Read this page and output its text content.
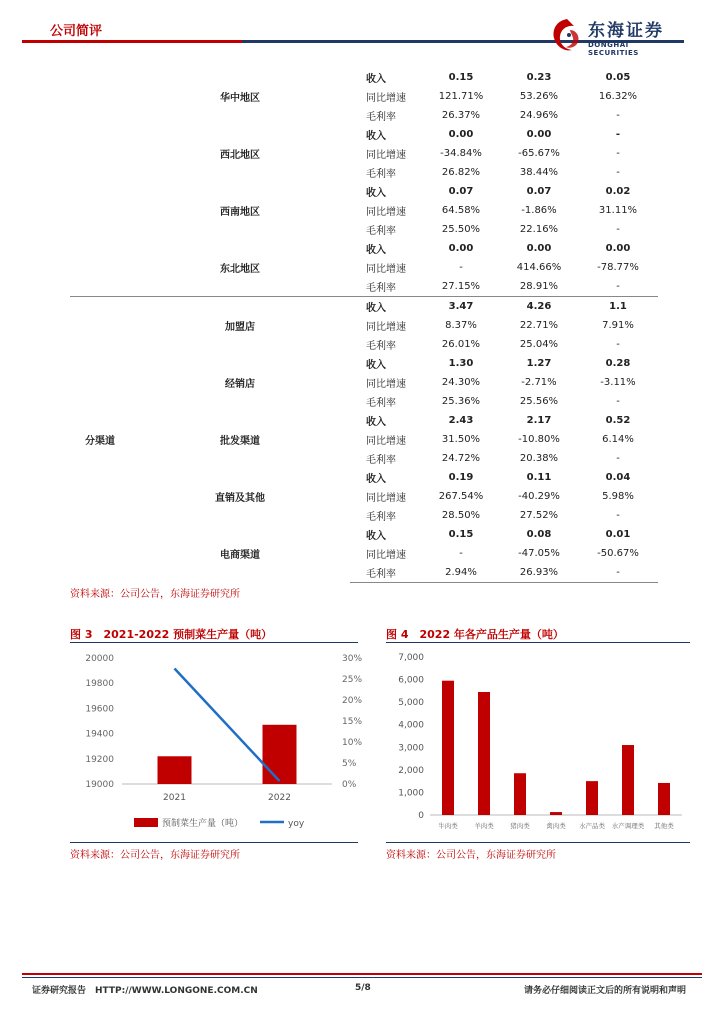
公司简评	东海证券
DONGHAI SECURITIES
	华中地区	收入	0.15	0.23	0.05
		同比增速	121.71%	53.26%	16.32%
		毛利率	26.37%	24.96%	-
	西北地区	收入	0.00	0.00	-
		同比增速	-34.84%	-65.67%	-
		毛利率	26.82%	38.44%	-
	西南地区	收入	0.07	0.07	0.02
		同比增速	64.58%	-1.86%	31.11%
		毛利率	25.50%	22.16%	-
	东北地区	收入	0.00	0.00	0.00
		同比增速	-	414.66%	-78.77%
		毛利率	27.15%	28.91%	-
分渠道	加盟店	收入	3.47	4.26	1.1
		同比增速	8.37%	22.71%	7.91%
		毛利率	26.01%	25.04%	-
	经销店	收入	1.30	1.27	0.28
		同比增速	24.30%	-2.71%	-3.11%
		毛利率	25.36%	25.56%	-
	批发渠道	收入	2.43	2.17	0.52
		同比增速	31.50%	-10.80%	6.14%
		毛利率	24.72%	20.38%	-
	直销及其他	收入	0.19	0.11	0.04
		同比增速	267.54%	-40.29%	5.98%
		毛利率	28.50%	27.52%	-
	电商渠道	收入	0.15	0.08	0.01
		同比增速	-	-47.05%	-50.67%
		毛利率	2.94%	26.93%	-
资料来源：公司公告，东海证券研究所
图 3　2021-2022 预制菜生产量（吨）
20000
19800
19600
19400
19200
19000
30%
25%
20%
15%
10%
5%
0%
2021	2022
预制菜生产量（吨）	yoy
资料来源：公司公告，东海证券研究所
图 4　2022 年各产品生产量（吨）
7,000
6,000
5,000
4,000
3,000
2,000
1,000
0
牛肉类	羊肉类	猪肉类	禽肉类 水产品类 水产调理类 其他类
资料来源：公司公告，东海证券研究所
证券研究报告　HTTP://WWW.LONGONE.COM.CN	5/8	请务必仔细阅读正文后的所有说明和声明
